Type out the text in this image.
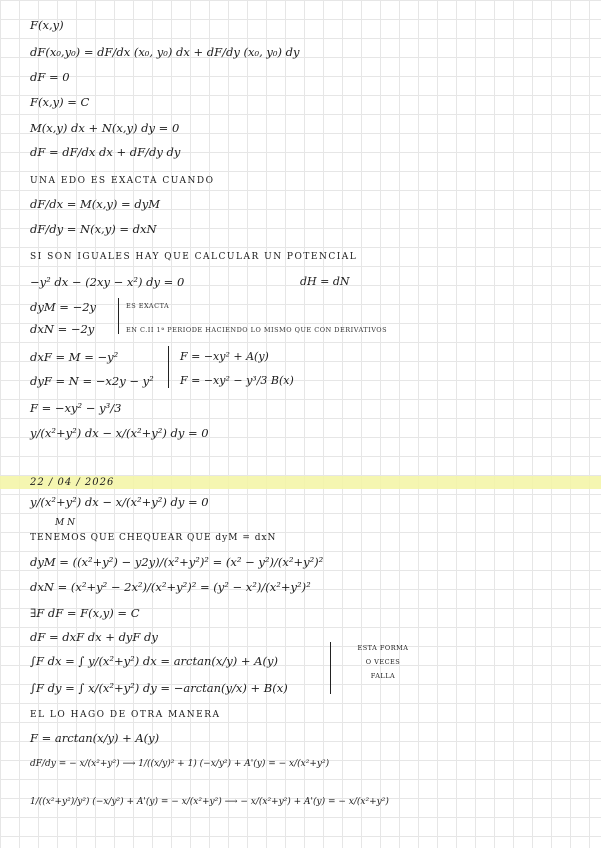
F(x,y)
dF(x₀,y₀) = dF/dx (x₀, y₀) dx + dF/dy (x₀, y₀) dy
dF = 0
F(x,y) = C
M(x,y) dx + N(x,y) dy = 0
dF = dF/dx dx + dF/dy dy
UNA EDO ES EXACTA CUANDO
dF/dx = M(x,y) = dyM
dF/dy = N(x,y) = dxN
SI SON IGUALES HAY QUE CALCULAR UN POTENCIAL
−y² dx − (2xy − x²) dy = 0
dyM = −2y
dxN = −2y
dxF = M = −y²
dyF = N = −x2y − y²
F = −xy² − y³/3
y/(x²+y²) dx − x/(x²+y²) dy = 0
22 / 04 / 2026
y/(x²+y²) dx − x/(x²+y²) dy = 0
M N
TENEMOS QUE CHEQUEAR QUE dyM = dxN
dyM = ((x²+y²) − y2y)/(x²+y²)² = (x² − y²)/(x²+y²)²
dxN = (x²+y² − 2x²)/(x²+y²)² = (y² − x²)/(x²+y²)²
∃F dF = F(x,y) = C
dF = dxF dx + dyF dy
∫F dx = ∫ y/(x²+y²) dx = arctan(x/y) + A(y)
∫F dy = ∫ x/(x²+y²) dy = −arctan(y/x) + B(x)
EL LO HAGO DE OTRA MANERA
F = arctan(x/y) + A(y)
dF/dy = − x/(x²+y²) ⟶ 1/((x/y)² + 1) (−x/y²) + A'(y) = − x/(x²+y²)
1/((x²+y²)/y²) (−x/y²) + A'(y) = − x/(x²+y²) ⟶ − x/(x²+y²) + A'(y) = − x/(x²+y²)
dH = dN
ES EXACTA
EN C.II 1ª PERIODE HACIENDO LO MISMO QUE CON DERIVATIVOS
F = −xy² + A(y)
F = −xy² − y³/3 B(x)
ESTA FORMA
O VECES
FALLA
